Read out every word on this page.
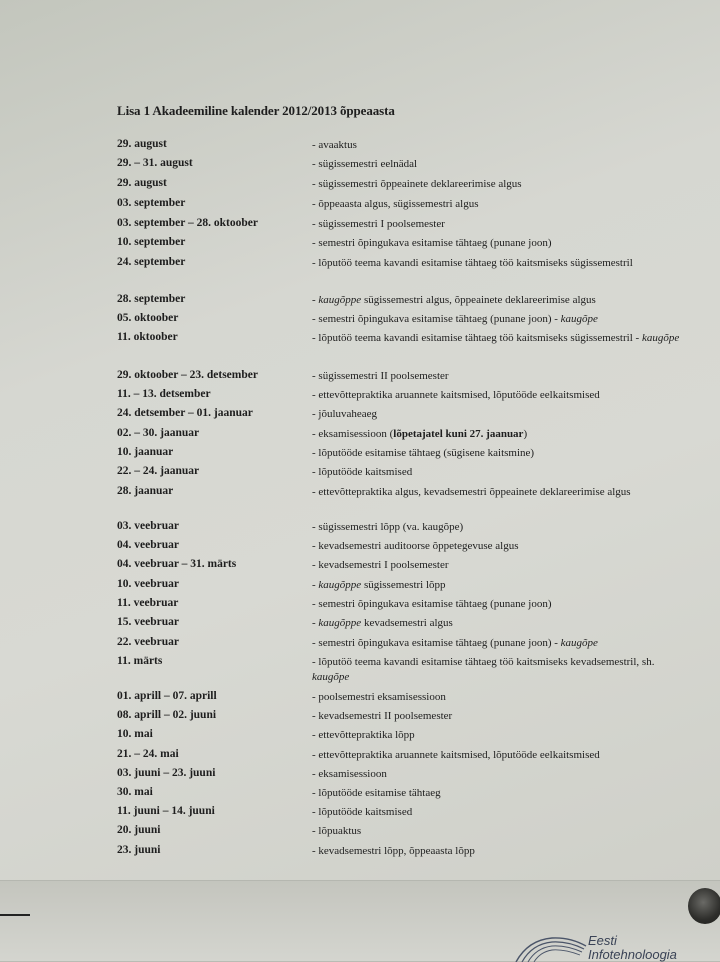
Lisa 1 Akadeemiline kalender 2012/2013 õppeaasta
29. august	- avaaktus
29. – 31. august	- sügissemestri eelnädal
29. august	- sügissemestri õppeainete deklareerimise algus
03. september	- õppeaasta algus, sügissemestri algus
03. september – 28. oktoober	- sügissemestri I poolsemester
10. september	- semestri õpingukava esitamise tähtaeg (punane joon)
24. september	- lõputöö teema kavandi esitamise tähtaeg töö kaitsmiseks sügissemestril
28. september	- kaugõppe sügissemestri algus, õppeainete deklareerimise algus
05. oktoober	- semestri õpingukava esitamise tähtaeg (punane joon) - kaugõpe
11. oktoober	- lõputöö teema kavandi esitamise tähtaeg töö kaitsmiseks sügissemestril - kaugõpe
29. oktoober – 23. detsember	- sügissemestri II poolsemester
11. – 13. detsember	- ettevõttepraktika aruannete kaitsmised, lõputööde eelkaitsmised
24. detsember – 01. jaanuar	- jõuluvaheaeg
02. – 30. jaanuar	- eksamisessioon (lõpetajatel kuni 27. jaanuar)
10. jaanuar	- lõputööde esitamise tähtaeg (sügisene kaitsmine)
22. – 24. jaanuar	- lõputööde kaitsmised
28. jaanuar	- ettevõttepraktika algus, kevadsemestri õppeainete deklareerimise algus
03. veebruar	- sügissemestri lõpp (va. kaugõpe)
04. veebruar	- kevadsemestri auditoorse õppetegevuse algus
04. veebruar – 31. märts	- kevadsemestri I poolsemester
10. veebruar	- kaugõppe sügissemestri lõpp
11. veebruar	- semestri õpingukava esitamise tähtaeg (punane joon)
15. veebruar	- kaugõppe kevadsemestri algus
22. veebruar	- semestri õpingukava esitamise tähtaeg (punane joon) - kaugõpe
11. märts	- lõputöö teema kavandi esitamise tähtaeg töö kaitsmiseks kevadsemestril, sh. kaugõpe
01. aprill – 07. aprill	- poolsemestri eksamisessioon
08. aprill – 02. juuni	- kevadsemestri II poolsemester
10. mai	- ettevõttepraktika lõpp
21. – 24. mai	- ettevõttepraktika aruannete kaitsmised, lõputööde eelkaitsmised
03. juuni – 23. juuni	- eksamisessioon
30. mai	- lõputööde esitamise tähtaeg
11. juuni – 14. juuni	- lõputööde kaitsmised
20. juuni	- lõpuaktus
23. juuni	- kevadsemestri lõpp, õppeaasta lõpp
Eesti
Infotehnoloogia
